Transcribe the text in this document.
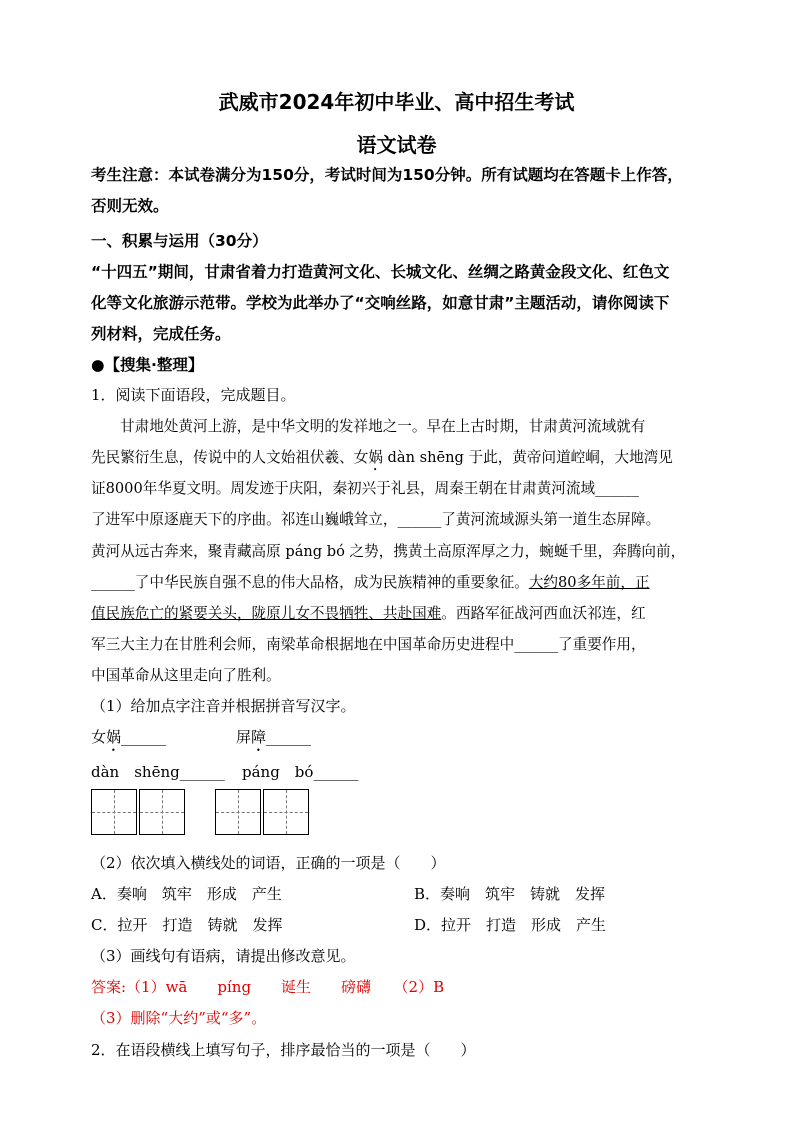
武威市2024年初中毕业、高中招生考试
语文试卷
考生注意：本试卷满分为150分，考试时间为150分钟。所有试题均在答题卡上作答，
否则无效。
一、积累与运用（30分）
“十四五”期间，甘肃省着力打造黄河文化、长城文化、丝绸之路黄金段文化、红色文
化等文化旅游示范带。学校为此举办了“交响丝路，如意甘肃”主题活动，请你阅读下
列材料，完成任务。
●【搜集·整理】
1．阅读下面语段，完成题目。
甘肃地处黄河上游，是中华文明的发祥地之一。早在上古时期，甘肃黄河流域就有
先民繁衍生息，传说中的人文始祖伏羲、女娲 dàn shēng 于此，黄帝问道崆峒，大地湾见
证8000年华夏文明。周发迹于庆阳，秦初兴于礼县，周秦王朝在甘肃黄河流域______
了进军中原逐鹿天下的序曲。祁连山巍峨耸立，______了黄河流域源头第一道生态屏障。
黄河从远古奔来，聚青藏高原 páng bó 之势，携黄土高原浑厚之力，蜿蜒千里，奔腾向前，
______了中华民族自强不息的伟大品格，成为民族精神的重要象征。大约80多年前，正
值民族危亡的紧要关头，陇原儿女不畏牺牲、共赴国难。西路军征战河西血沃祁连，红
军三大主力在甘胜利会师，南梁革命根据地在中国革命历史进程中______了重要作用，
中国革命从这里走向了胜利。
（1）给加点字注音并根据拼音写汉字。
女娲______	屏障______
dàn　shēng______ páng　bó______
（2）依次填入横线处的词语，正确的一项是（　　）
A．奏响　筑牢　形成　产生	B．奏响　筑牢　铸就　发挥
C．拉开　打造　铸就　发挥	D．拉开　打造　形成　产生
（3）画线句有语病，请提出修改意见。
答案:（1）wā　　píng　　诞生　　磅礴　　（2）B
（3）删除“大约”或“多”。
2．在语段横线上填写句子，排序最恰当的一项是（　　）
